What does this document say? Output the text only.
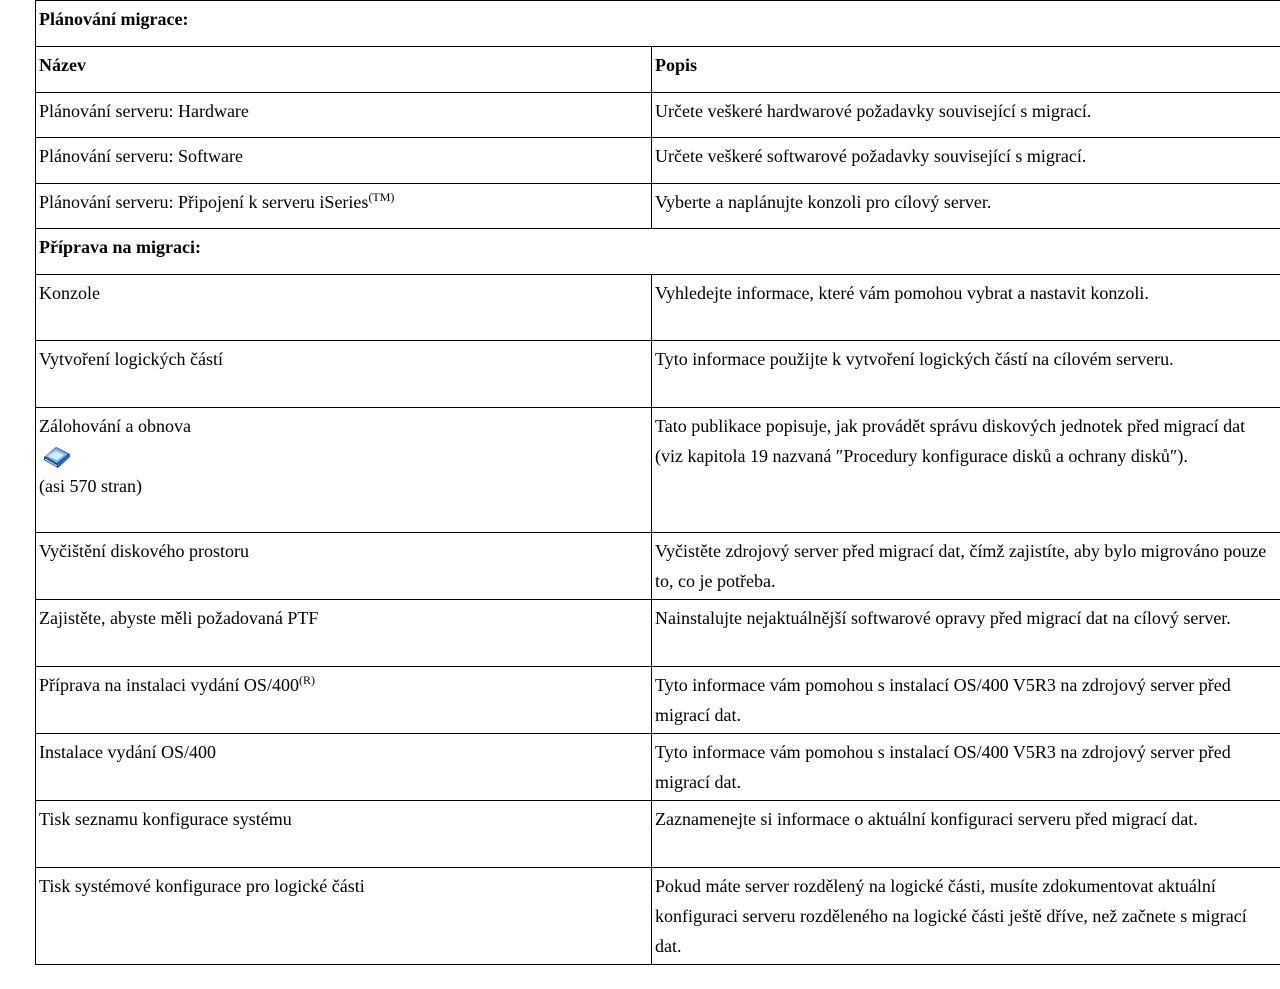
Plánování migrace:	
Název	Popis
Plánování serveru: Hardware	Určete veškeré hardwarové požadavky související s migrací.
Plánování serveru: Software	Určete veškeré softwarové požadavky související s migrací.
Plánování serveru: Připojení k serveru iSeries$^{(TM)}$	Vyberte a naplánujte konzoli pro cílový server.
Příprava na migraci:	
Konzole	Vyhledejte informace, které vám pomohou vybrat a nastavit konzoli.
Vytvoření logických částí	Tyto informace použijte k vytvoření logických částí na cílovém serveru.
Zálohování a obnova
(asi 570 stran)	Tato publikace popisuje, jak provádět správu diskových jednotek před migrací dat (viz kapitola 19 nazvaná ″Procedury konfigurace disků a ochrany disků″).
Vyčištění diskového prostoru	Vyčistěte zdrojový server před migrací dat, čímž zajistíte, aby bylo migrováno pouze to, co je potřeba.
Zajistěte, abyste měli požadovaná PTF	Nainstalujte nejaktuálnější softwarové opravy před migrací dat na cílový server.
Příprava na instalaci vydání $OS/400^{(R)}$	Tyto informace vám pomohou s instalací OS/400 V5R3 na zdrojový server před migrací dat.
Instalace vydání OS/400	Tyto informace vám pomohou s instalací OS/400 V5R3 na zdrojový server před migrací dat.
Tisk seznamu konfigurace systému	Zaznamenejte si informace o aktuální konfiguraci serveru před migrací dat.
Tisk systémové konfigurace pro logické části	Pokud máte server rozdělený na logické části, musíte zdokumentovat aktuální konfiguraci serveru rozděleného na logické části ještě dříve, než začnete s migrací dat.
